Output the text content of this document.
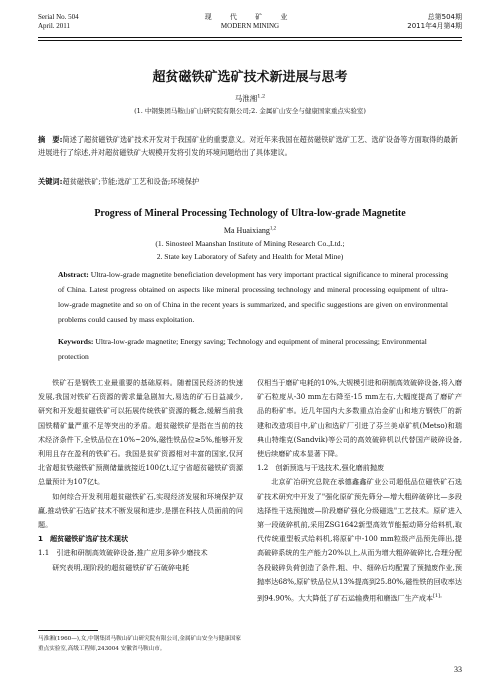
Serial No. 504
April. 2011
现 代 矿 业
MODERN MINING
总第504期
2011年4月第4期
超贫磁铁矿选矿技术新进展与思考
马淮湘$^{1,2}$
(1. 中钢集团马鞍山矿山研究院有限公司;2. 金属矿山安全与健康国家重点实验室)
摘　要:简述了超贫磁铁矿选矿技术开发对于我国矿业的重要意义。对近年来我国在超贫磁铁矿选矿工艺、选矿设备等方面取得的最新进展进行了综述,并对超贫磁铁矿大规模开发将引发的环境问题给出了具体建议。
关键词:超贫磁铁矿;节能;选矿工艺和设备;环境保护
Progress of Mineral Processing Technology of Ultra-low-grade Magnetite
Ma Huaixiang$^{1,2}$
(1. Sinosteel Maanshan Institute of Mining Research Co.,Ltd.;
2. State key Laboratory of Safety and Health for Metal Mine)
Abstract: Ultra-low-grade magnetite beneficiation development has very important practical significance to mineral processing of China. Latest progress obtained on aspects like mineral processing technology and mineral processing equipment of ultra-low-grade magnetite and so on of China in the recent years is summarized, and specific suggestions are given on environmental problems could caused by mass exploitation.
Keywords: Ultra-low-grade magnetite; Energy saving; Technology and equipment of mineral processing; Environmental protection

铁矿石是钢铁工业最重要的基础原料。随着国民经济的快速发展,我国对铁矿石资源的需求量急剧加大,易选的矿石日益减少,研究和开发超贫磁铁矿可以拓展传统铁矿资源的概念,缓解当前我国铁精矿量严重不足等突出的矛盾。超贫磁铁矿是指在当前的技术经济条件下,全铁品位在10%~20%,磁性铁品位≥5%,能够开发利用且存在盈利的铁矿石。我国是贫矿资源相对丰富的国家,仅河北省超贫铁磁铁矿预测储量就接近100亿t,辽宁省超贫磁铁矿资源总量预计为107亿t。

如何综合开发利用超贫磁铁矿石,实现经济发展和环境保护双赢,推动铁矿石选矿技术不断发展和进步,是摆在科技人员面前的问题。

1　超贫磁铁矿选矿技术现状

1.1　引进和研制高效破碎设备,推广应用多碎少磨技术

研究表明,现阶段的超贫磁铁矿矿石破碎电耗

仅相当于磨矿电耗的10%,大规模引进和研制高效破碎设备,将入磨矿石粒度从-30 mm左右降至-15 mm左右,大幅度提高了磨矿产品的粉矿率。近几年国内大多数重点冶金矿山和地方钢铁厂的新建和改造项目中,矿山和选矿厂引进了芬兰美卓矿机(Metso)和瑞典山特维克(Sandvik)等公司的高效破碎机以代替国产破碎设备,使后续磨矿成本显著下降。

1.2　创新预选与干选技术,强化磨前抛废

北京矿冶研究总院在承德鑫鑫矿业公司超低品位磁铁矿石选矿技术研究中开发了"强化原矿预先筛分—增大粗碎破碎比—多段选择性干选预抛废—阶段磨矿强化分级磁选"工艺技术。原矿进入第一段破碎机前,采用ZSG1642新型高效节能振动筛分给料机,取代传统重型板式给料机,将原矿中-100 mm粒级产品预先筛出,提高破碎系统的生产能力20%以上,从而为增大粗碎破碎比,合理分配各段破碎负荷创造了条件,粗、中、细碎后均配置了预抛废作业,预抛率达68%,原矿铁品位从13%提高到25.80%,磁性铁的回收率达到94.90%。大大降低了矿石运输费用和磨选厂生产成本$^{[1]。}$

马淮湘(1960—),女,中钢集团马鞍山矿山研究院有限公司,金属矿山安全与健康国家重点实验室,高级工程师,243004 安徽省马鞍山市。
33
